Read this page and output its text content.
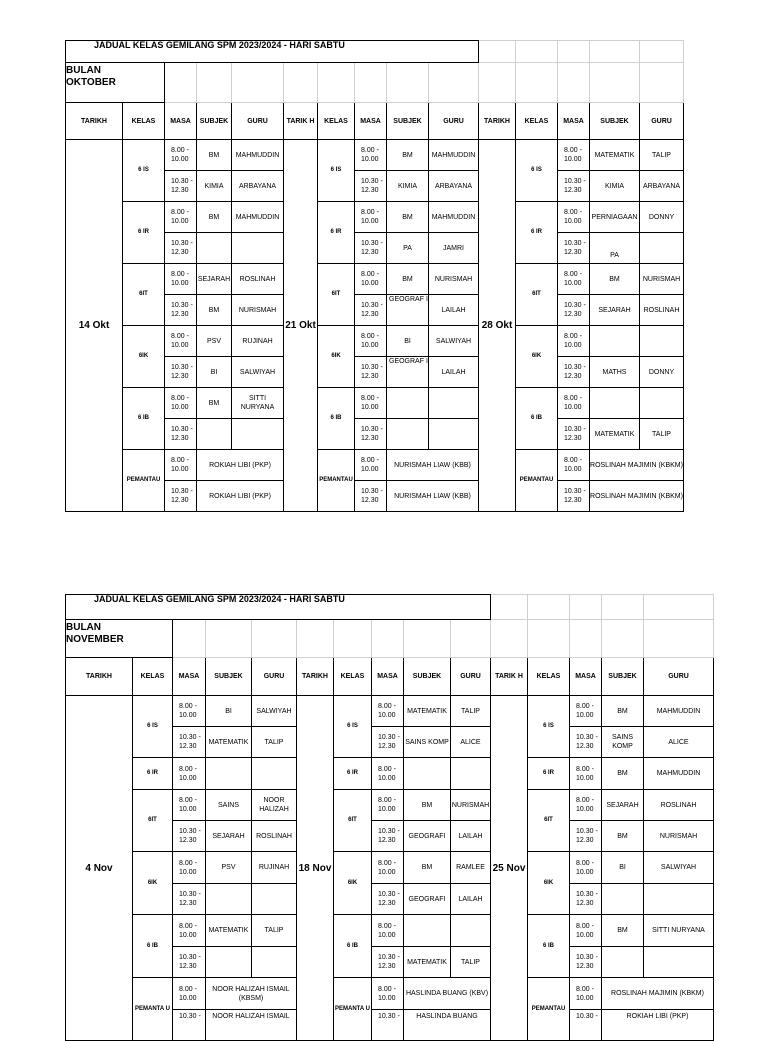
JADUAL KELAS GEMILANG SPM 2023/2024 - HARI SABTU														

BULAN
OKTOBER														

TARIKH	KELAS	MASA	SUBJEK	GURU	TARIK H	KELAS	MASA	SUBJEK	GURU	TARIKH	KELAS	MASA	SUBJEK	GURU
14 Okt	6 IS	8.00 - 10.00	BM	MAHMUDDIN	21 Okt	6 IS	8.00 - 10.00	BM	MAHMUDDIN	28 Okt	6 IS	8.00 - 10.00	MATEMATIK	TALIP
		10.30 - 12.30	KIMIA	ARBAYANA			10.30 - 12.30	KIMIA	ARBAYANA			10.30 - 12.30	KIMIA	ARBAYANA
	6 IR	8.00 - 10.00	BM	MAHMUDDIN		6 IR	8.00 - 10.00	BM	MAHMUDDIN		6 IR	8.00 - 10.00	PERNIAGAAN	DONNY
		10.30 - 12.30					10.30 - 12.30	PA	JAMRI			10.30 - 12.30	PA	
	6IT	8.00 - 10.00	SEJARAH	ROSLINAH		6IT	8.00 - 10.00	BM	NURISMAH		6IT	8.00 - 10.00	BM	NURISMAH
		10.30 - 12.30	BM	NURISMAH			10.30 - 12.30	GEOGRAF I	LAILAH			10.30 - 12.30	SEJARAH	ROSLINAH
	6IK	8.00 - 10.00	PSV	RUJINAH		6IK	8.00 - 10.00	BI	SALWIYAH		6IK	8.00 - 10.00		
		10.30 - 12.30	BI	SALWIYAH			10.30 - 12.30	GEOGRAF I	LAILAH			10.30 - 12.30	MATHS	DONNY
	6 IB	8.00 - 10.00	BM	SITTI NURYANA		6 IB	8.00 - 10.00				6 IB	8.00 - 10.00		
		10.30 - 12.30					10.30 - 12.30					10.30 - 12.30	MATEMATIK	TALIP
	PEMANTAU	8.00 - 10.00	ROKIAH LIBI (PKP)			PEMANTAU	8.00 - 10.00	NURISMAH LIAW (KBB)			PEMANTAU	8.00 - 10.00	ROSLINAH MAJIMIN (KBKM)	
		10.30 - 12.30	ROKIAH LIBI (PKP)				10.30 - 12.30	NURISMAH LIAW (KBB)				10.30 - 12.30	ROSLINAH MAJIMIN (KBKM)	
JADUAL KELAS GEMILANG SPM 2023/2024 - HARI SABTU														

BULAN
NOVEMBER														

TARIKH	KELAS	MASA	SUBJEK	GURU	TARIKH	KELAS	MASA	SUBJEK	GURU	TARIK H	KELAS	MASA	SUBJEK	GURU
4 Nov	6 IS	8.00 - 10.00	BI	SALWIYAH	18 Nov	6 IS	8.00 - 10.00	MATEMATIK	TALIP	25 Nov	6 IS	8.00 - 10.00	BM	MAHMUDDIN
		10.30 - 12.30	MATEMATIK	TALIP			10.30 - 12.30	SAINS KOMP	ALICE			10.30 - 12.30	SAINS KOMP	ALICE
	6 IR	8.00 - 10.00				6 IR	8.00 - 10.00				6 IR	8.00 - 10.00	BM	MAHMUDDIN
	6IT	8.00 - 10.00	SAINS	NOOR HALIZAH		6IT	8.00 - 10.00	BM	NURISMAH		6IT	8.00 - 10.00	SEJARAH	ROSLINAH
		10.30 - 12.30	SEJARAH	ROSLINAH			10.30 - 12.30	GEOGRAFI	LAILAH			10.30 - 12.30	BM	NURISMAH
	6IK	8.00 - 10.00	PSV	RUJINAH		6IK	8.00 - 10.00	BM	RAMLEE		6IK	8.00 - 10.00	BI	SALWIYAH
		10.30 - 12.30					10.30 - 12.30	GEOGRAFI	LAILAH			10.30 - 12.30		
	6 IB	8.00 - 10.00	MATEMATIK	TALIP		6 IB	8.00 - 10.00				6 IB	8.00 - 10.00	BM	SITTI NURYANA
		10.30 - 12.30					10.30 - 12.30	MATEMATIK	TALIP			10.30 - 12.30		
	PEMANTA U	8.00 - 10.00	NOOR HALIZAH ISMAIL (KBSM)			PEMANTA U	8.00 - 10.00	HASLINDA BUANG (KBV)			PEMANTAU	8.00 - 10.00	ROSLINAH MAJIMIN (KBKM)	
		10.30 -	NOOR HALIZAH ISMAIL				10.30 -	HASLINDA BUANG				10.30 -	ROKIAH LIBI (PKP)	
